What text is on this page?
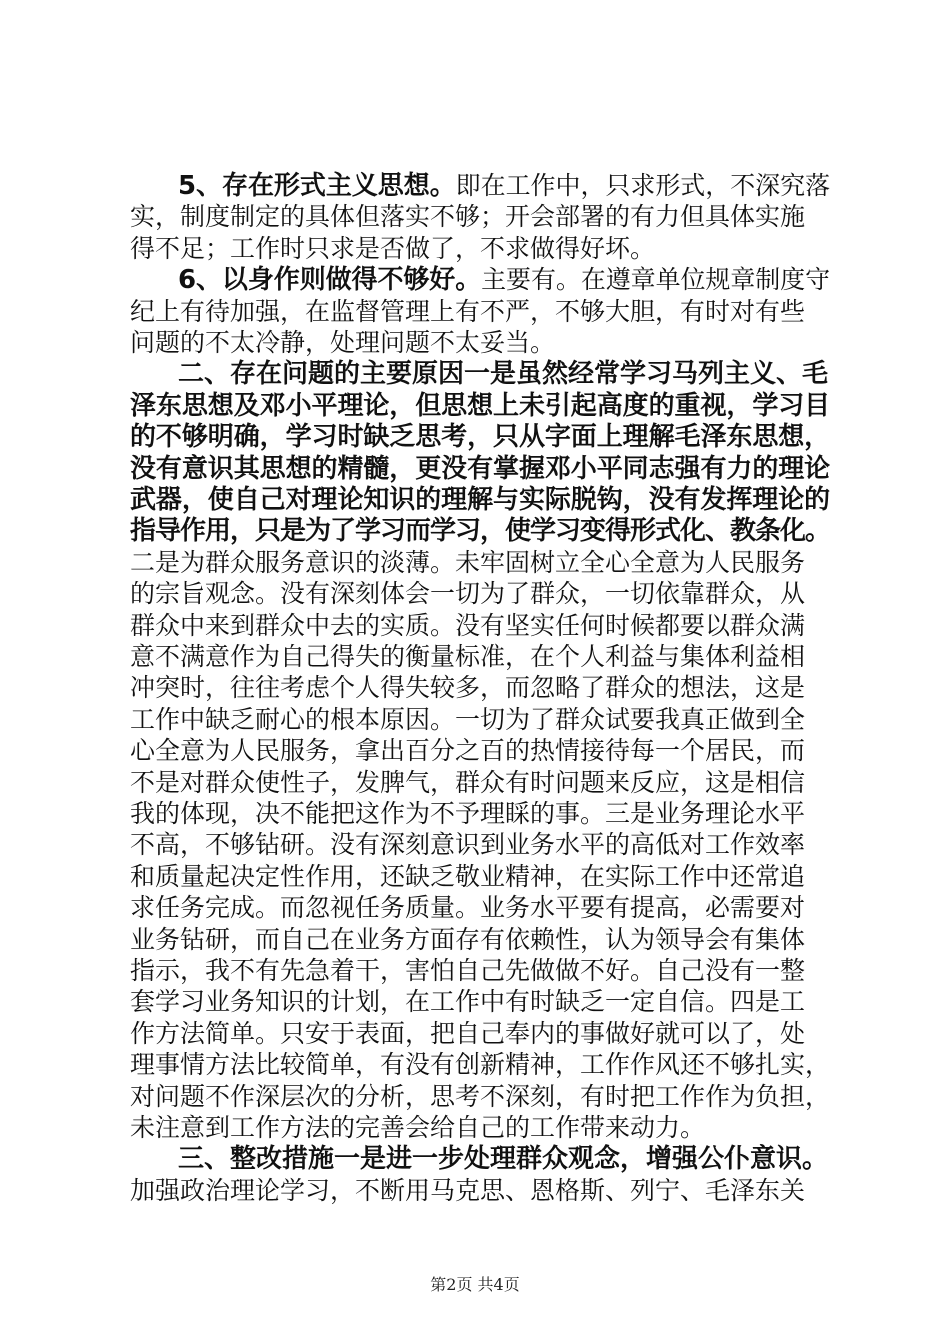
5、存在形式主义思想。即在工作中，只求形式，不深究落
实，制度制定的具体但落实不够；开会部署的有力但具体实施
得不足；工作时只求是否做了，不求做得好坏。
6、以身作则做得不够好。主要有。在遵章单位规章制度守
纪上有待加强，在监督管理上有不严，不够大胆，有时对有些
问题的不太冷静，处理问题不太妥当。
二、存在问题的主要原因一是虽然经常学习马列主义、毛
泽东思想及邓小平理论，但思想上未引起高度的重视，学习目
的不够明确，学习时缺乏思考，只从字面上理解毛泽东思想，
没有意识其思想的精髓，更没有掌握邓小平同志强有力的理论
武器，使自己对理论知识的理解与实际脱钩，没有发挥理论的
指导作用，只是为了学习而学习，使学习变得形式化、教条化。
二是为群众服务意识的淡薄。未牢固树立全心全意为人民服务
的宗旨观念。没有深刻体会一切为了群众，一切依靠群众，从
群众中来到群众中去的实质。没有坚实任何时候都要以群众满
意不满意作为自己得失的衡量标准，在个人利益与集体利益相
冲突时，往往考虑个人得失较多，而忽略了群众的想法，这是
工作中缺乏耐心的根本原因。一切为了群众试要我真正做到全
心全意为人民服务，拿出百分之百的热情接待每一个居民，而
不是对群众使性子，发脾气，群众有时问题来反应，这是相信
我的体现，决不能把这作为不予理睬的事。三是业务理论水平
不高，不够钻研。没有深刻意识到业务水平的高低对工作效率
和质量起决定性作用，还缺乏敬业精神，在实际工作中还常追
求任务完成。而忽视任务质量。业务水平要有提高，必需要对
业务钻研，而自己在业务方面存有依赖性，认为领导会有集体
指示，我不有先急着干，害怕自己先做做不好。自己没有一整
套学习业务知识的计划，在工作中有时缺乏一定自信。四是工
作方法简单。只安于表面，把自己奉内的事做好就可以了，处
理事情方法比较简单，有没有创新精神，工作作风还不够扎实，
对问题不作深层次的分析，思考不深刻，有时把工作作为负担，
未注意到工作方法的完善会给自己的工作带来动力。
三、整改措施一是进一步处理群众观念，增强公仆意识。
加强政治理论学习，不断用马克思、恩格斯、列宁、毛泽东关
第2页 共4页
